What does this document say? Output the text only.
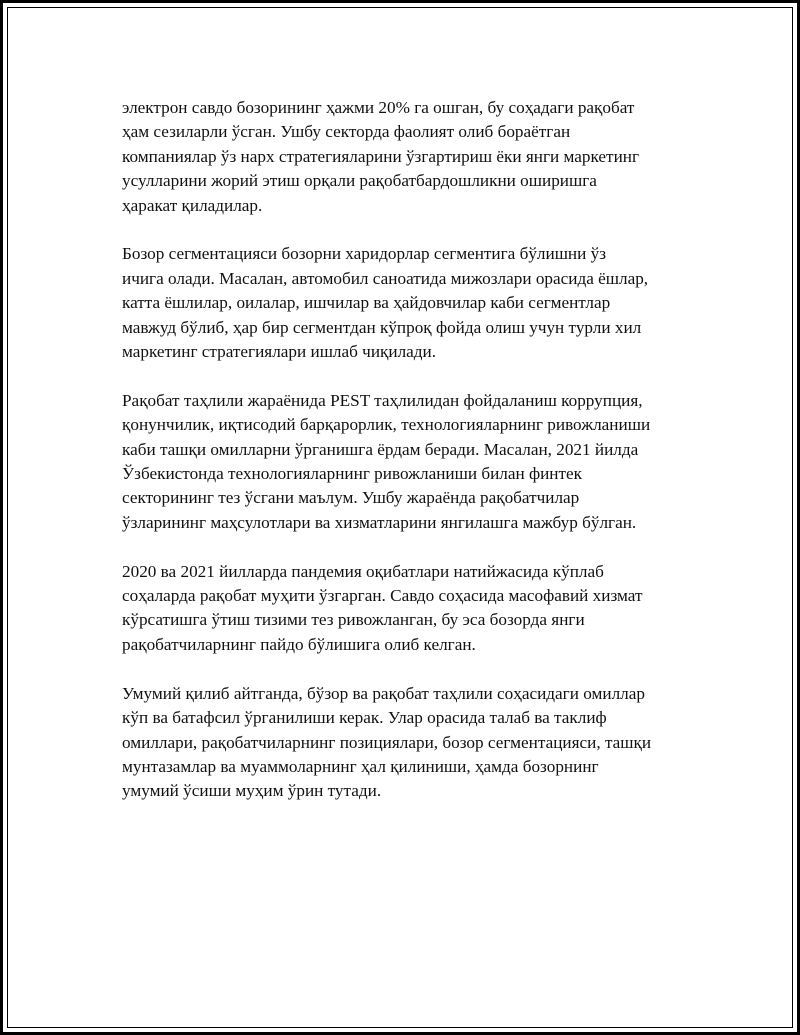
электрон савдо бозорининг ҳажми 20% га ошган, бу соҳадаги рақобат
ҳам сезиларли ўсган. Ушбу секторда фаолият олиб бораётган
компаниялар ўз нарх стратегияларини ўзгартириш ёки янги маркетинг
усулларини жорий этиш орқали рақобатбардошликни оширишга
ҳаракат қиладилар.

Бозор сегментацияси бозорни харидорлар сегментига бўлишни ўз
ичига олади. Масалан, автомобил саноатида мижозлари орасида ёшлар,
катта ёшлилар, оилалар, ишчилар ва ҳайдовчилар каби сегментлар
мавжуд бўлиб, ҳар бир сегментдан кўпроқ фойда олиш учун турли хил
маркетинг стратегиялари ишлаб чиқилади.

Рақобат таҳлили жараёнида PEST таҳлилидан фойдаланиш коррупция,
қонунчилик, иқтисодий барқарорлик, технологияларнинг ривожланиши
каби ташқи омилларни ўрганишга ёрдам беради. Масалан, 2021 йилда
Ўзбекистонда технологияларнинг ривожланиши билан финтек
секторининг тез ўсгани маълум. Ушбу жараёнда рақобатчилар
ўзларининг маҳсулотлари ва хизматларини янгилашга мажбур бўлган.

2020 ва 2021 йилларда пандемия оқибатлари натийжасида кўплаб
соҳаларда рақобат муҳити ўзгарган. Савдо соҳасида масофавий хизмат
кўрсатишга ўтиш тизими тез ривожланган, бу эса бозорда янги
рақобатчиларнинг пайдо бўлишига олиб келган.

Умумий қилиб айтганда, бўзор ва рақобат таҳлили соҳасидаги омиллар
кўп ва батафсил ўрганилиши керак. Улар орасида талаб ва таклиф
омиллари, рақобатчиларнинг позициялари, бозор сегментацияси, ташқи
мунтазамлар ва муаммоларнинг ҳал қилиниши, ҳамда бозорнинг
умумий ўсиши муҳим ўрин тутади.
